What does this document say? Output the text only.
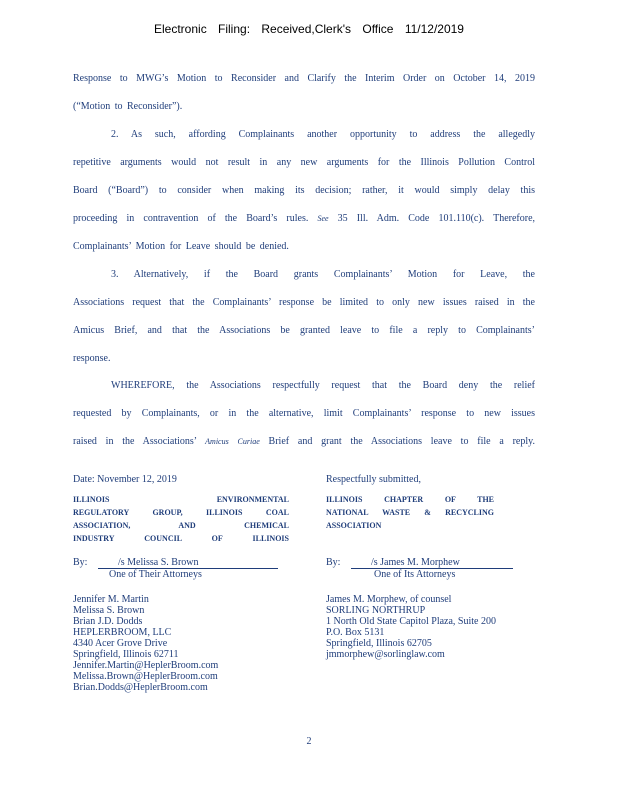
Electronic Filing: Received,Clerk's Office 11/12/2019
Response to MWG’s Motion to Reconsider and Clarify the Interim Order on October 14, 2019
(“Motion to Reconsider”).
2. As such, affording Complainants another opportunity to address the allegedly
repetitive arguments would not result in any new arguments for the Illinois Pollution Control
Board (“Board”) to consider when making its decision; rather, it would simply delay this
proceeding in contravention of the Board’s rules. See 35 Ill. Adm. Code 101.110(c). Therefore,
Complainants’ Motion for Leave should be denied.
3. Alternatively, if the Board grants Complainants’ Motion for Leave, the
Associations request that the Complainants’ response be limited to only new issues raised in the
Amicus Brief, and that the Associations be granted leave to file a reply to Complainants’
response.
WHEREFORE, the Associations respectfully request that the Board deny the relief
requested by Complainants, or in the alternative, limit Complainants’ response to new issues
raised in the Associations’ Amicus Curiae Brief and grant the Associations leave to file a reply.
Date: November 12, 2019
ILLINOIS ENVIRONMENTAL
REGULATORY GROUP, ILLINOIS COAL
ASSOCIATION, AND CHEMICAL
INDUSTRY COUNCIL OF ILLINOIS
By:	/s Melissa S. Brown
One of Their Attorneys
Jennifer M. Martin
Melissa S. Brown
Brian J.D. Dodds
HEPLERBROOM, LLC
4340 Acer Grove Drive
Springfield, Illinois 62711
Jennifer.Martin@HeplerBroom.com
Melissa.Brown@HeplerBroom.com
Brian.Dodds@HeplerBroom.com
Respectfully submitted,
ILLINOIS CHAPTER OF THE
NATIONAL WASTE & RECYCLING
ASSOCIATION
By:	/s James M. Morphew
One of Its Attorneys
James M. Morphew, of counsel
SORLING NORTHRUP
1 North Old State Capitol Plaza, Suite 200
P.O. Box 5131
Springfield, Illinois 62705
jmmorphew@sorlinglaw.com
2
